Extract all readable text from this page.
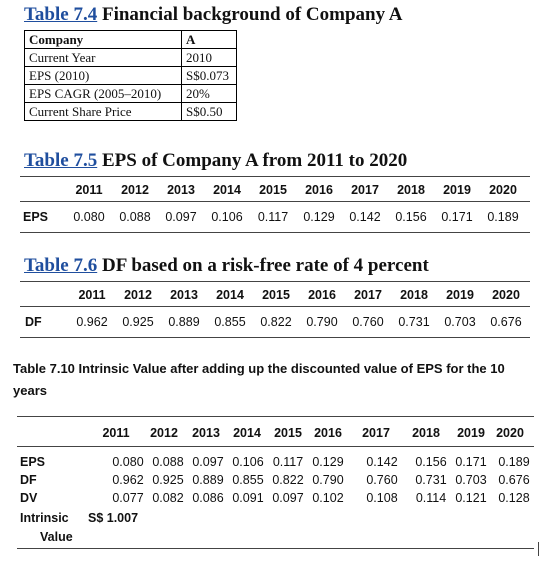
Table 7.4 Financial background of Company A
Company	A
Current Year	2010
EPS (2010)	S$0.073
EPS CAGR (2005–2010)	20%
Current Share Price	S$0.50
Table 7.5 EPS of Company A from 2011 to 2020
2011	2012	2013	2014	2015	2016	2017	2018	2019	2020
EPS	0.080	0.088	0.097	0.106	0.117	0.129	0.142	0.156	0.171	0.189
Table 7.6 DF based on a risk-free rate of 4 percent
2011	2012	2013	2014	2015	2016	2017	2018	2019	2020
DF	0.962	0.925	0.889	0.855	0.822	0.790	0.760	0.731	0.703	0.676
Table 7.10 Intrinsic Value after adding up the discounted value of EPS for the 10
years
2011	2012	2013	2014	2015 2016	2017	2018	2019 2020
EPS	0.080 0.088 0.097 0.106 0.117 0.129	0.142	0.156 0.171 0.189
DF	0.962 0.925 0.889 0.855 0.822 0.790	0.760	0.731 0.703 0.676
DV	0.077 0.082 0.086 0.091 0.097 0.102	0.108	0.114 0.121 0.128
Intrinsic S$ 1.007
Value
